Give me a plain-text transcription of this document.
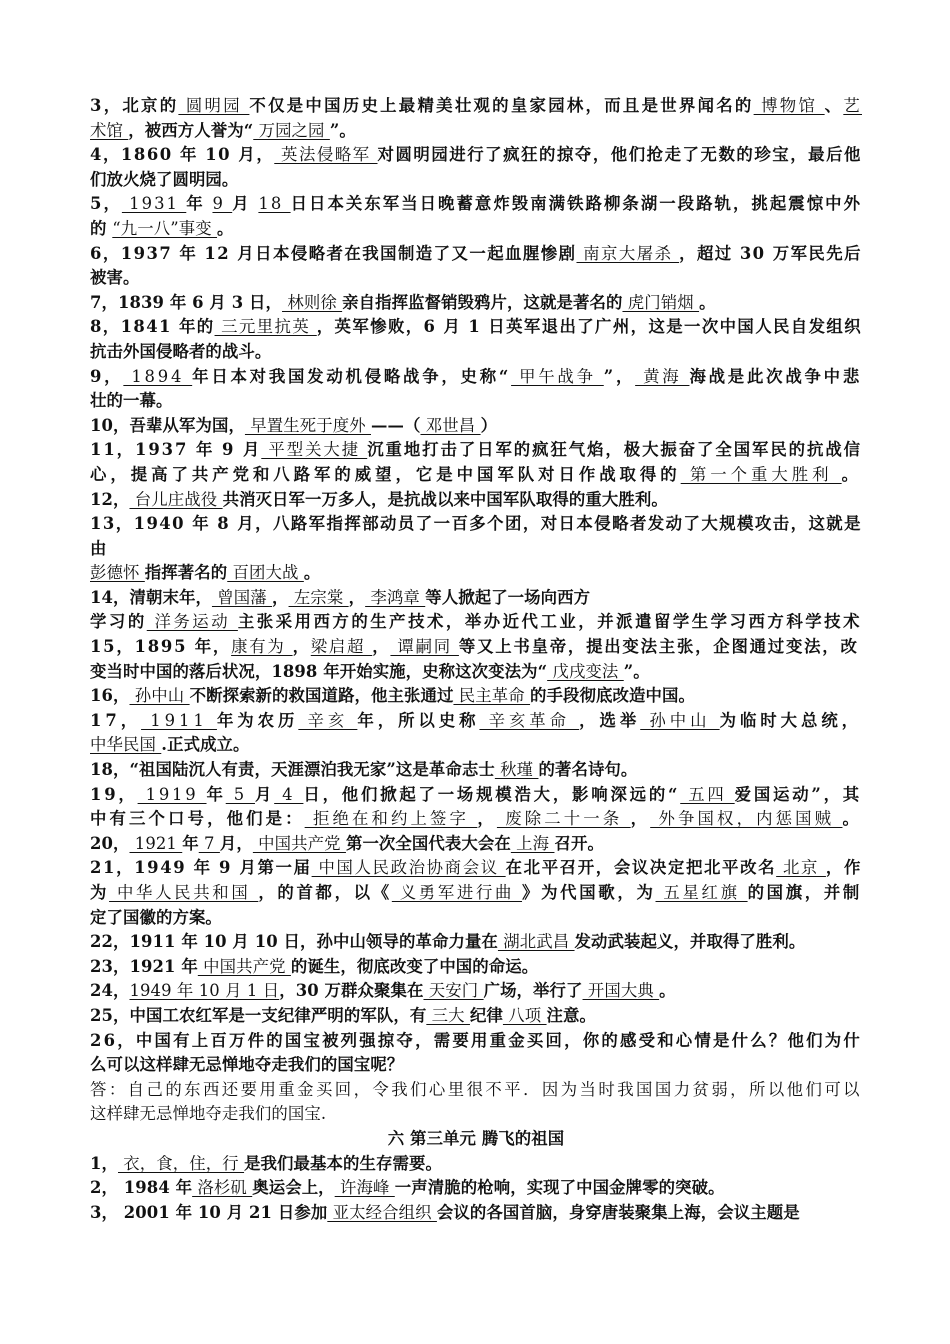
3，北京的 圆明园 不仅是中国历史上最精美壮观的皇家园林，而且是世界闻名的 博物馆 、艺
术馆 ，被西方人誉为“ 万园之园 ”。
4，1860 年 10 月， 英法侵略军 对圆明园进行了疯狂的掠夺，他们抢走了无数的珍宝，最后他
们放火烧了圆明园。
5， 1931 年 9 月 18 日日本关东军当日晚蓄意炸毁南满铁路柳条湖一段路轨，挑起震惊中外
的 “九一八”事变 。
6，1937 年 12 月日本侵略者在我国制造了又一起血腥惨剧 南京大屠杀 ，超过 30 万军民先后
被害。
7，1839 年 6 月 3 日， 林则徐 亲自指挥监督销毁鸦片，这就是著名的 虎门销烟 。
8，1841 年的 三元里抗英 ，英军惨败，6 月 1 日英军退出了广州，这是一次中国人民自发组织
抗击外国侵略者的战斗。
9， 1894 年日本对我国发动机侵略战争，史称“ 甲午战争 ”， 黄海 海战是此次战争中悲
壮的一幕。
10，吾辈从军为国， 早置生死于度外 ——（ 邓世昌 ）
11，1937 年 9 月 平型关大捷 沉重地打击了日军的疯狂气焰，极大振奋了全国军民的抗战信
心，提高了共产党和八路军的威望，它是中国军队对日作战取得的 第一个重大胜利 。
12， 台儿庄战役 共消灭日军一万多人，是抗战以来中国军队取得的重大胜利。
13，1940 年 8 月，八路军指挥部动员了一百多个团，对日本侵略者发动了大规模攻击，这就是
由
彭德怀 指挥著名的 百团大战 。
14，清朝末年， 曾国藩 ， 左宗棠 ， 李鸿章 等人掀起了一场向西方
学习的 洋务运动 主张采用西方的生产技术，举办近代工业，并派遣留学生学习西方科学技术
15，1895 年，康有为 ，梁启超 ， 谭嗣同 等又上书皇帝，提出变法主张，企图通过变法，改
变当时中国的落后状况，1898 年开始实施，史称这次变法为“ 戊戌变法 ”。
16， 孙中山 不断探索新的救国道路，他主张通过 民主革命 的手段彻底改造中国。
17， 1911 年为农历 辛亥 年，所以史称 辛亥革命 ，选举 孙中山 为临时大总统，
中华民国 .正式成立。
18，“祖国陆沉人有责，天涯漂泊我无家”这是革命志士 秋瑾 的著名诗句。
19， 1919 年 5 月 4 日，他们掀起了一场规模浩大，影响深远的“ 五四 爱国运动”，其
中有三个口号，他们是： 拒绝在和约上签字 ， 废除二十一条 ， 外争国权，内惩国贼 。
20， 1921 年 7 月， 中国共产党 第一次全国代表大会在 上海 召开。
21，1949 年 9 月第一届 中国人民政治协商会议 在北平召开，会议决定把北平改名 北京 ，作
为 中华人民共和国 ，的首都，以《 义勇军进行曲 》为代国歌，为 五星红旗 的国旗，并制
定了国徽的方案。
22，1911 年 10 月 10 日，孙中山领导的革命力量在 湖北武昌 发动武装起义，并取得了胜利。
23，1921 年 中国共产党 的诞生，彻底改变了中国的命运。
24，1949 年 10 月 1 日，30 万群众聚集在 天安门 广场，举行了 开国大典 。
25，中国工农红军是一支纪律严明的军队，有 三大 纪律 八项 注意。
26，中国有上百万件的国宝被列强掠夺，需要用重金买回，你的感受和心情是什么？他们为什
么可以这样肆无忌惮地夺走我们的国宝呢？
答：自己的东西还要用重金买回，令我们心里很不平．因为当时我国国力贫弱，所以他们可以
这样肆无忌惮地夺走我们的国宝.
六 第三单元 腾飞的祖国
1， 衣，食，住，行 是我们最基本的生存需要。
2， 1984 年 洛杉矶 奥运会上， 许海峰 一声清脆的枪响，实现了中国金牌零的突破。
3， 2001 年 10 月 21 日参加 亚太经合组织 会议的各国首脑，身穿唐装聚集上海，会议主题是
